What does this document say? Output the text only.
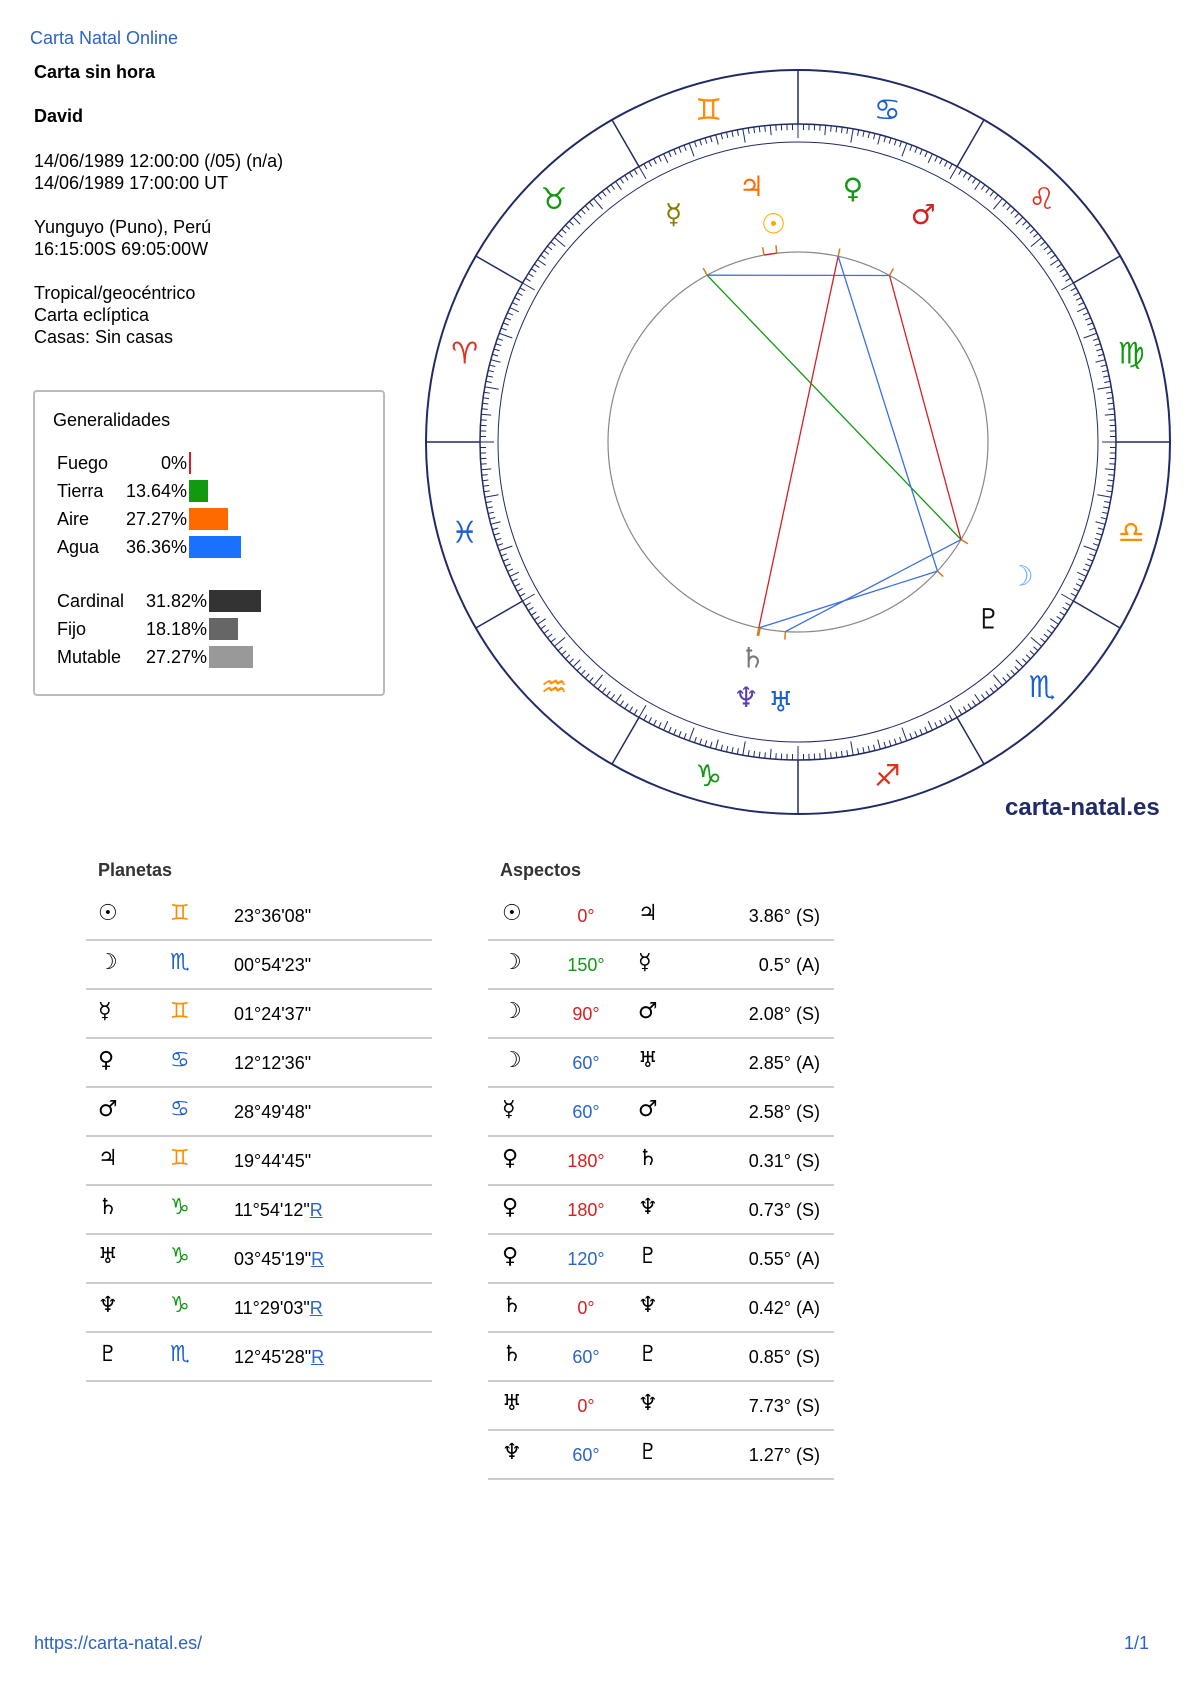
Carta Natal Online
Carta sin hora
David
14/06/1989 12:00:00 (/05) (n/a)
14/06/1989 17:00:00 UT
Yunguyo (Puno), Perú
16:15:00S 69:05:00W
Tropical/geocéntrico
Carta eclíptica
Casas: Sin casas
Generalidades
Fuego	0%
Tierra 13.64%
Aire 27.27%
Agua 36.36%
Cardinal 31.82%
Fijo	18.18%
Mutable 27.27%
♈
♉
♊	♋
♌
♍
♎
♏
♐
♑
♒
♓
☉
☽
☿
♀
♂
♃
♄
♅
♆
♇
carta-natal.es
Planetas
☉ ♊ 23°36'08"
☽ ♏ 00°54'23"
☿	♊ 01°24'37"
♀	♋ 12°12'36"
♂ ♋ 28°49'48"
♃ ♊ 19°44'45"
♄ ♑ 11°54'12"R
♅ ♑ 03°45'19"R
♆ ♑ 11°29'03"R
♇ ♏ 12°45'28"R
Aspectos
☉	0°	♃	3.86° (S)
☽	150°	☿	0.5° (A)
☽	90°	♂	2.08° (S)
☽	60°	♅	2.85° (A)
☿	60°	♂	2.58° (S)
♀	180°	♄	0.31° (S)
♀	180°	♆	0.73° (S)
♀	120°	♇	0.55° (A)
♄	0°	♆	0.42° (A)
♄	60°	♇	0.85° (S)
♅	0°	♆	7.73° (S)
♆	60°	♇	1.27° (S)
https://carta-natal.es/	1/1
